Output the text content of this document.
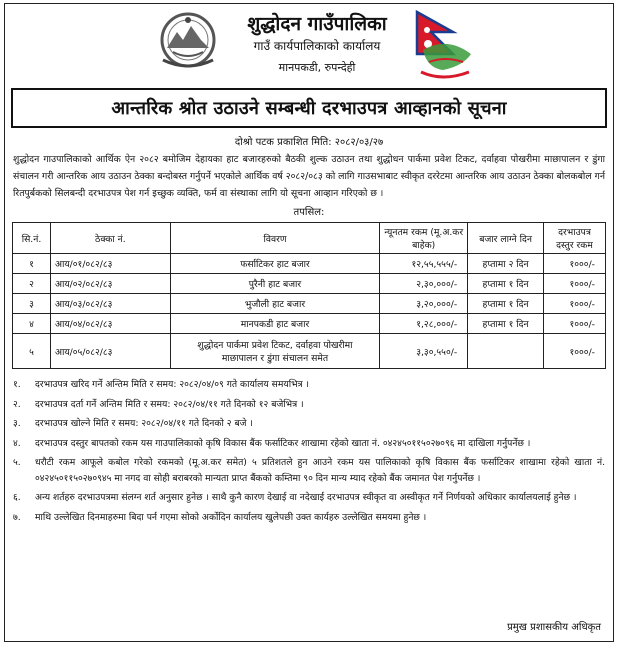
शुद्धोदन गाउँपालिका
गाउँ कार्यपालिकाको कार्यालय
मानपकडी, रुपन्देही
आन्तरिक श्रोत उठाउने सम्बन्धी दरभाउपत्र आव्हानको सूचना
दोश्रो पटक प्रकाशित मिति: २०८२/०३/२७
शुद्धोदन गाउपालिकाको आर्थिक ऐन २०८२ बमोजिम देहायका हाट बजारहरुको बैठकी शुल्क उठाउन तथा शुद्धोधन पार्कमा प्रवेश टिकट, दर्वाहवा पोखरीमा माछापालन र डुंगा संचालन गरी आन्तरिक आय उठाउन ठेक्का बन्दोबस्त गर्नुपर्ने भएकोले आर्थिक वर्ष २०८२/०८३ को लागि गाउसभाबाट स्वीकृत दररेटमा आन्तरिक आय उठाउन ठेक्का बोलकबोल गर्न रितपुर्बकको सिलबन्दी दरभाउपत्र पेश गर्न इच्छुक व्यक्ति, फर्म वा संस्थाका लागि यो सूचना आव्हान गरिएको छ ।
तपसिल:
सि.नं.	ठेक्का नं.	विवरण	न्यूनतम रकम (मू.अ.कर बाहेक)	बजार लाग्ने दिन	दरभाउपत्र दस्तुर रकम
१	आय/०१/०८२/८३	फर्साटिकर हाट बजार	१२,५५,५५५/-	हप्तामा २ दिन	१०००/-
२	आय/०२/०८२/८३	पुरैनी हाट बजार	२,३०,०००/-	हप्तामा १ दिन	१०००/-
३	आय/०३/०८२/८३	भुजौली हाट बजार	३,२०,०००/-	हप्तामा १ दिन	१०००/-
४	आय/०४/०८२/८३	मानपकडी हाट बजार	१,२८,०००/-	हप्तामा १ दिन	१०००/-
५	आय/०५/०८२/८३	शुद्धोदन पार्कमा प्रवेश टिकट, दर्वाहवा पोखरीमा
माछापालन र डुंगा संचालन समेत	३,३०,५५०/-		१०००/-
१.	दरभाउपत्र खरिद गर्ने अन्तिम मिति र समय: २०८२/०४/०९ गते कार्यालय समयभित्र ।
२.	दरभाउपत्र दर्ता गर्ने अन्तिम मिति र समय: २०८२/०४/११ गते दिनको १२ बजेभित्र ।
३.	दरभाउपत्र खोल्ने मिति र समय: २०८२/०४/११ गते दिनको २ बजे ।
४.	दरभाउपत्र दस्तुर बापतको रकम यस गाउपालिकाको कृषि विकास बैंक फर्साटिकर शाखामा रहेको खाता नं. ०४२४५०११५०२७०९६ मा दाखिला गर्नुपर्नेछ ।
५.	धरौटी रकम आफूले कबोल गरेको रकमको (मू.अ.कर समेत) ५ प्रतिशतले हुन आउने रकम यस पालिकाको कृषि विकास बैंक फर्साटिकर शाखामा रहेको खाता नं. ०४२४५०११५०२७०९४५ मा नगद वा सोही बराबरको मान्यता प्राप्त बैंकको कम्तिमा ९० दिन मान्य म्याद रहेको बैंक जमानत पेश गर्नुपर्नेछ ।
६.	अन्य शर्तहरु दरभाउपत्रमा संलग्न शर्त अनुसार हुनेछ । साथै कुनै कारण देखाई वा नदेखाई दरभाउपत्र स्वीकृत वा अस्वीकृत गर्ने निर्णयको अधिकार कार्यालयलाई हुनेछ ।
७.	माथि उल्लेखित दिनमाहरुमा बिदा पर्न गएमा सोको अर्कोदिन कार्यालय खुलेपछी उक्त कार्यहरु उल्लेखित समयमा हुनेछ ।
प्रमुख प्रशासकीय अधिकृत
